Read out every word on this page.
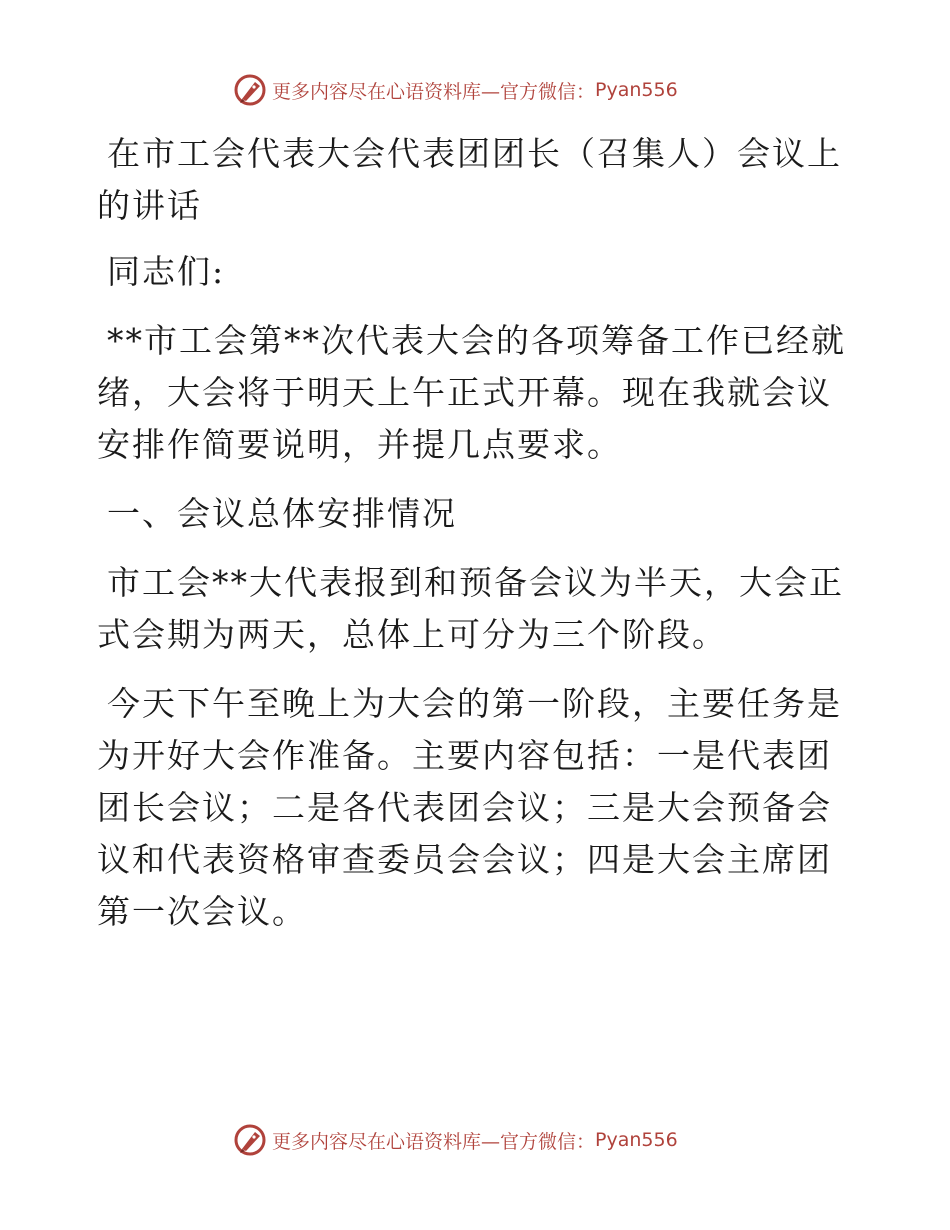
更多内容尽在心语资料库—官方微信： Pyan556

在市工会代表大会代表团团长（召集人）会议上的讲话

同志们:

**市工会第**次代表大会的各项筹备工作已经就绪，大会将于明天上午正式开幕。现在我就会议安排作简要说明，并提几点要求。

一、会议总体安排情况

市工会**大代表报到和预备会议为半天，大会正式会期为两天，总体上可分为三个阶段。

今天下午至晚上为大会的第一阶段，主要任务是为开好大会作准备。主要内容包括：一是代表团团长会议；二是各代表团会议；三是大会预备会议和代表资格审查委员会会议；四是大会主席团第一次会议。

更多内容尽在心语资料库—官方微信： Pyan556
